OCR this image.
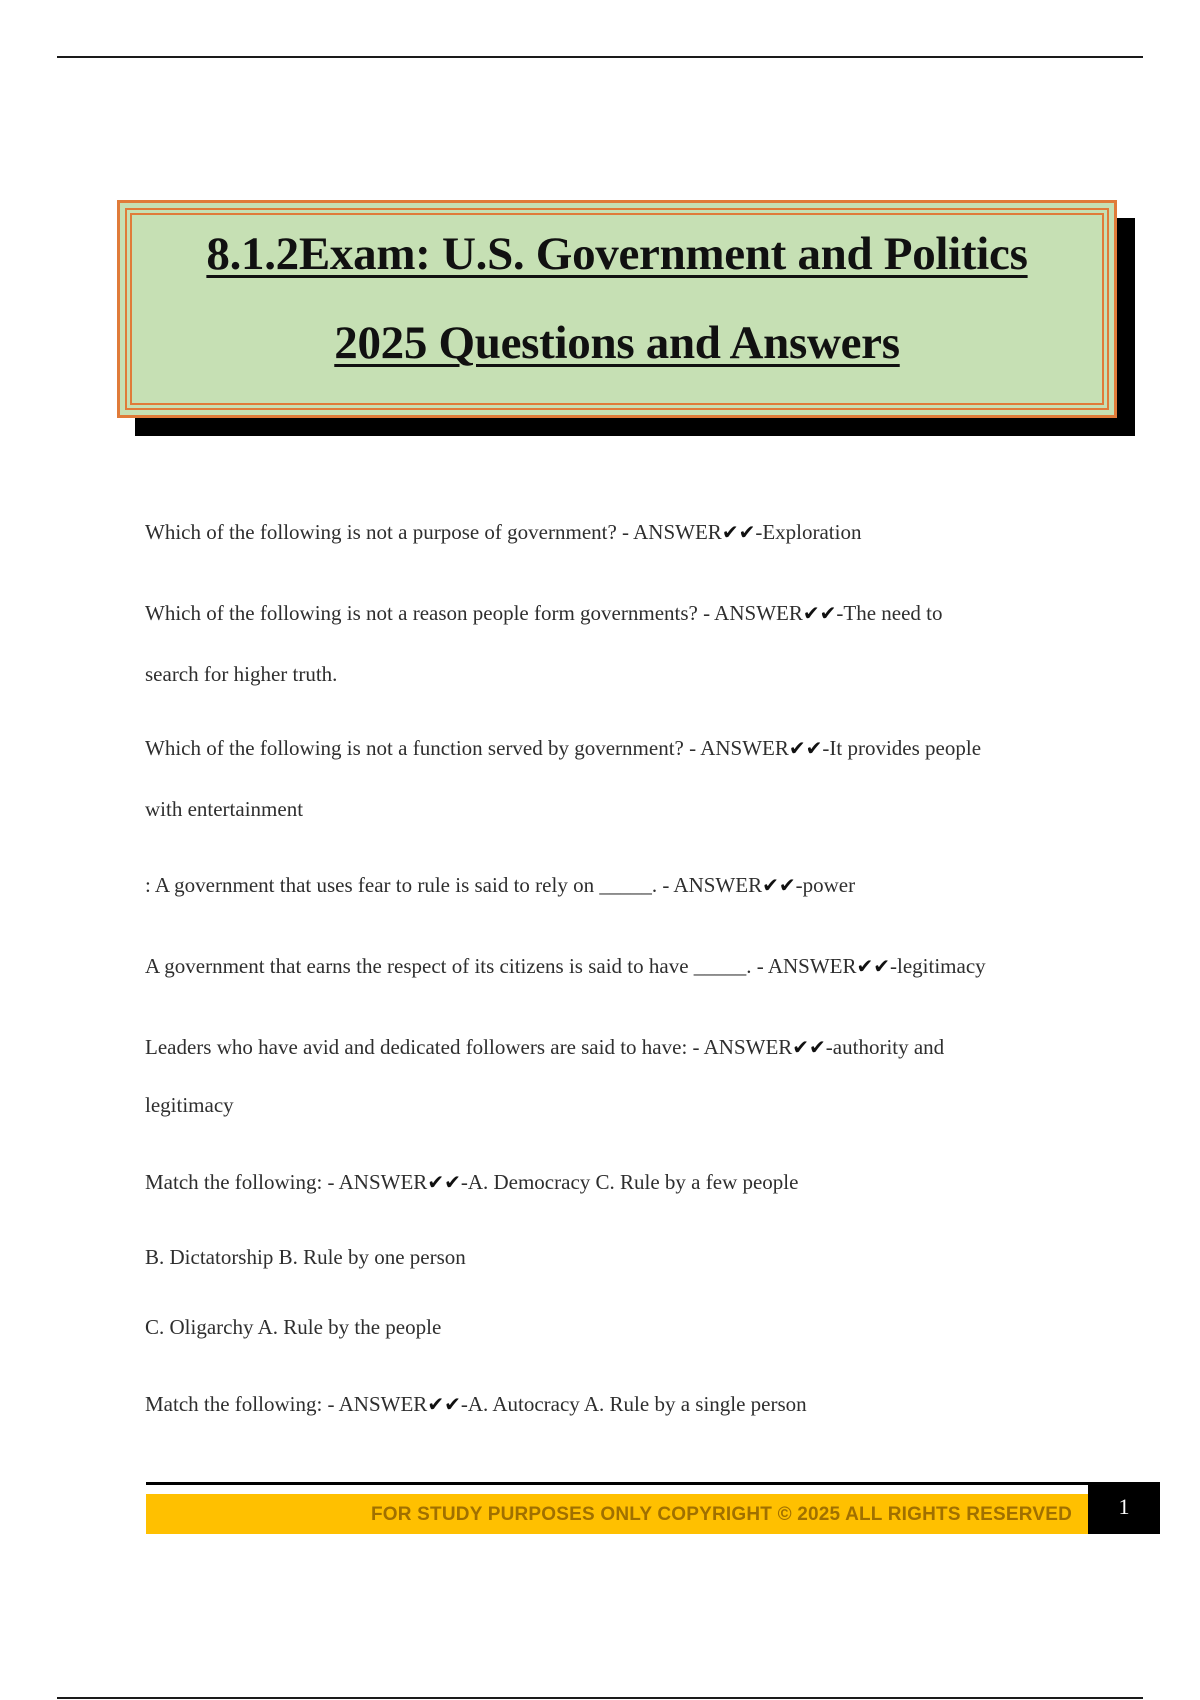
8.1.2Exam: U.S. Government and Politics
2025 Questions and Answers
Which of the following is not a purpose of government? - ANSWER✔✔-Exploration
Which of the following is not a reason people form governments? - ANSWER✔✔-The need to
search for higher truth.
Which of the following is not a function served by government? - ANSWER✔✔-It provides people
with entertainment
: A government that uses fear to rule is said to rely on _____. - ANSWER✔✔-power
A government that earns the respect of its citizens is said to have _____. - ANSWER✔✔-legitimacy
Leaders who have avid and dedicated followers are said to have: - ANSWER✔✔-authority and
legitimacy
Match the following: - ANSWER✔✔-A. Democracy C. Rule by a few people
B. Dictatorship B. Rule by one person
C. Oligarchy A. Rule by the people
Match the following: - ANSWER✔✔-A. Autocracy A. Rule by a single person
FOR STUDY PURPOSES ONLY COPYRIGHT © 2025 ALL RIGHTS RESERVED	1
